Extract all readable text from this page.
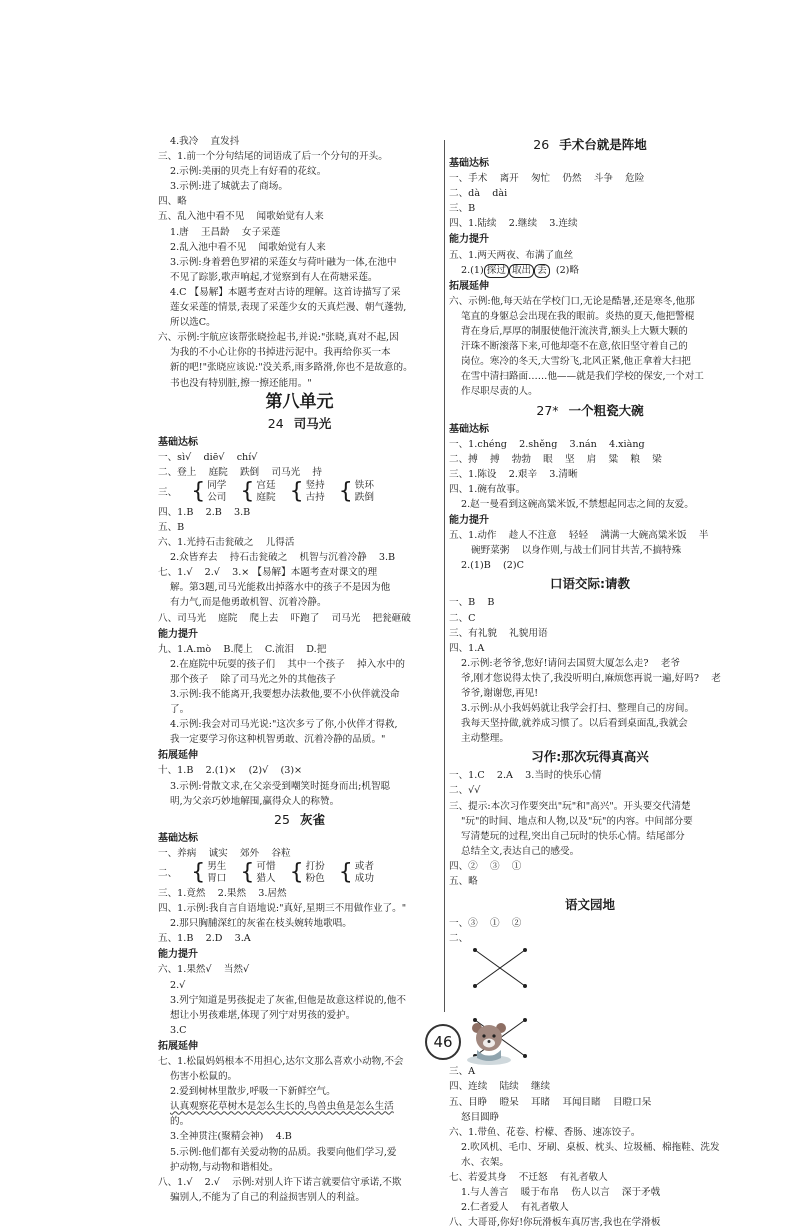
4.我冷    直发抖
三、1.前一个分句结尾的词语成了后一个分句的开头。
2.示例:美丽的贝壳上有好看的花纹。
3.示例:进了城就去了商场。
四、略
五、乱入池中看不见    闻歌始觉有人来
1.唐    王昌龄    女子采莲
2.乱入池中看不见    闻歌始觉有人来
3.示例:身着碧色罗裙的采莲女与荷叶融为一体,在池中
不见了踪影,歌声响起,才觉察到有人在荷塘采莲。
4.C 【易解】本题考查对古诗的理解。这首诗描写了采
莲女采莲的情景,表现了采莲少女的天真烂漫、朝气蓬勃,
所以选C。
六、示例:宇航应该帮张晓捡起书,并说:"张晓,真对不起,因
为我的不小心让你的书掉进污泥中。我再给你买一本
新的吧!"张晓应该说:"没关系,雨多路滑,你也不是故意的。
书也没有特别脏,擦一擦还能用。"
第八单元
24 司马光
基础达标
一、sì√    diē√    chí√
二、登上    庭院    跌倒    司马光    持
三、 { 同学
公司 { 宫廷
庭院 { 竖持
古持 { 铁环
跌倒
四、1.B    2.B    3.B
五、B
六、1.光持石击瓮破之    儿得活
2.众皆弃去    持石击瓮破之    机智与沉着冷静    3.B
七、1.√    2.√    3.× 【易解】本题考查对课文的理
解。第3题,司马光能救出掉落水中的孩子不是因为他
有力气,而是他勇敢机智、沉着冷静。
八、司马光    庭院    爬上去    吓跑了    司马光    把瓮砸破
能力提升
九、1.A.mò    B.爬上    C.流泪    D.把
2.在庭院中玩耍的孩子们    其中一个孩子    掉入水中的
那个孩子    除了司马光之外的其他孩子
3.示例:我不能离开,我要想办法救他,要不小伙伴就没命
了。
4.示例:我会对司马光说:"这次多亏了你,小伙伴才得救,
我一定要学习你这种机智勇敢、沉着冷静的品质。"
拓展延伸
十、1.B    2.(1)×    (2)√    (3)×
3.示例:骨散文求,在父亲受到嘲笑时挺身而出;机智聪
明,为父亲巧妙地解围,赢得众人的称赞。
25 灰雀
基础达标
一、养病    诚实    郊外    谷粒
二、 { 男生
胃口 { 可惜
猎人 { 打扮
粉色 { 或者
成功
三、1.竟然    2.果然    3.居然
四、1.示例:我自言自语地说:"真好,星期三不用做作业了。"
2.那只胸脯深红的灰雀在枝头婉转地歌唱。
五、1.B    2.D    3.A
能力提升
六、1.果然√    当然√
2.√
3.列宁知道是男孩捉走了灰雀,但他是故意这样说的,他不
想让小男孩难堪,体现了列宁对男孩的爱护。
3.C
拓展延伸
七、1.松鼠妈妈根本不用担心,达尔文那么喜欢小动物,不会
伤害小松鼠的。
2.爱到树林里散步,呼吸一下新鲜空气。
认真观察花草树木是怎么生长的,鸟兽虫鱼是怎么生活
的。
3.全神贯注(聚精会神)    4.B
5.示例:他们都有关爱动物的品质。我要向他们学习,爱
护动物,与动物和谐相处。
八、1.√    2.√    示例:对别人许下诺言就要信守承诺,不欺
骗别人,不能为了自己的利益损害别人的利益。
26 手术台就是阵地
基础达标
一、手术    离开    匆忙    仍然    斗争    危险
二、dà    dài
三、B
四、1.陆续    2.继续    3.连续
能力提升
五、1.两天两夜、布满了血丝
2.(1) 探过 取出 丢 (2)略
拓展延伸
六、示例:他,每天站在学校门口,无论是酷暑,还是寒冬,他那
笔直的身躯总会出现在我的眼前。炎热的夏天,他把警棍
背在身后,厚厚的制服使他汗流浃背,额头上大颗大颗的
汗珠不断滚落下来,可他却毫不在意,依旧坚守着自己的
岗位。寒冷的冬天,大雪纷飞,北风正紧,他正拿着大扫把
在雪中清扫路面……他——就是我们学校的保安,一个对工
作尽职尽责的人。
27* 一个粗瓷大碗
基础达标
一、1.chéng    2.shěng    3.nán    4.xiàng
二、搏    搏    勃勃    眼    坚    肩    粱    粮    梁
三、1.陈设    2.艰辛    3.清晰
四、1.碗有故事。
2.赵一曼看到这碗高粱米饭,不禁想起同志之间的友爱。
能力提升
五、1.动作    趁人不注意    轻轻    满满一大碗高粱米饭    半
碗野菜粥    以身作则,与战士们同甘共苦,不搞特殊
2.(1)B    (2)C
口语交际:请教
一、B    B
二、C
三、有礼貌    礼貌用语
四、1.A
2.示例:老爷爷,您好!请问去国贸大厦怎么走?    老爷
爷,刚才您说得太快了,我没听明白,麻烦您再说一遍,好吗?    老
爷爷,谢谢您,再见!
3.示例:从小我妈妈就让我学会打扫、整理自己的房间。
我每天坚持做,就养成习惯了。以后看到桌面乱,我就会
主动整理。
习作:那次玩得真高兴
一、1.C    2.A    3.当时的快乐心情
二、√√
三、提示:本次习作要突出"玩"和"高兴"。开头要交代清楚
"玩"的时间、地点和人物,以及"玩"的内容。中间部分要
写清楚玩的过程,突出自己玩时的快乐心情。结尾部分
总结全文,表达自己的感受。
四、②    ③    ①
五、略
语文园地
一、③    ①    ②
二、
三、A
四、连续    陆续    继续
五、目睁    瞪呆    耳睹    耳闻目睹    目瞪口呆
怒目圆睁
六、1.带鱼、花卷、柠檬、香肠、速冻饺子。
2.吹风机、毛巾、牙刷、桌板、枕头、垃圾桶、棉拖鞋、洗发
水、衣架。
七、若爱其身    不迁怒    有礼者敬人
1.与人善言    暖于布帛    伤人以言    深于矛戟
2.仁者爱人    有礼者敬人
八、大哥哥,你好!你玩滑板车真厉害,我也在学滑板
46
